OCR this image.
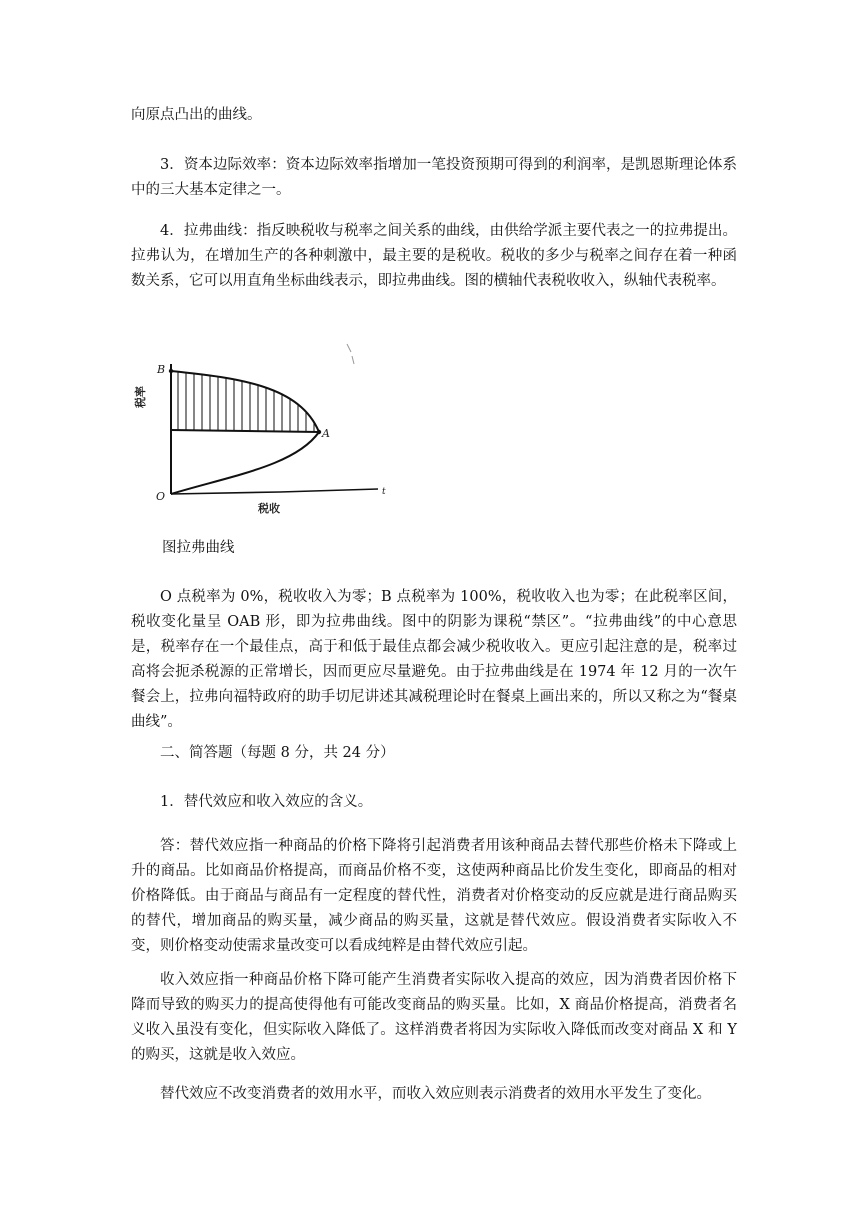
向原点凸出的曲线。

3．资本边际效率：资本边际效率指增加一笔投资预期可得到的利润率，是凯恩斯理论体系中的三大基本定律之一。

4．拉弗曲线：指反映税收与税率之间关系的曲线，由供给学派主要代表之一的拉弗提出。拉弗认为，在增加生产的各种刺激中，最主要的是税收。税收的多少与税率之间存在着一种函数关系，它可以用直角坐标曲线表示，即拉弗曲线。图的横轴代表税收收入，纵轴代表税率。

B
A
O
税率
税收
t
图拉弗曲线

O 点税率为 0%，税收收入为零；B 点税率为 100%，税收收入也为零；在此税率区间，税收变化量呈 OAB 形，即为拉弗曲线。图中的阴影为课税“禁区”。“拉弗曲线”的中心意思是，税率存在一个最佳点，高于和低于最佳点都会减少税收收入。更应引起注意的是，税率过高将会扼杀税源的正常增长，因而更应尽量避免。由于拉弗曲线是在 1974 年 12 月的一次午餐会上，拉弗向福特政府的助手切尼讲述其减税理论时在餐桌上画出来的，所以又称之为“餐桌曲线”。

二、简答题（每题 8 分，共 24 分）

1．替代效应和收入效应的含义。

答：替代效应指一种商品的价格下降将引起消费者用该种商品去替代那些价格未下降或上升的商品。比如商品价格提高，而商品价格不变，这使两种商品比价发生变化，即商品的相对价格降低。由于商品与商品有一定程度的替代性，消费者对价格变动的反应就是进行商品购买的替代，增加商品的购买量，减少商品的购买量，这就是替代效应。假设消费者实际收入不变，则价格变动使需求量改变可以看成纯粹是由替代效应引起。

收入效应指一种商品价格下降可能产生消费者实际收入提高的效应，因为消费者因价格下降而导致的购买力的提高使得他有可能改变商品的购买量。比如，X 商品价格提高，消费者名义收入虽没有变化，但实际收入降低了。这样消费者将因为实际收入降低而改变对商品 X 和 Y 的购买，这就是收入效应。

替代效应不改变消费者的效用水平，而收入效应则表示消费者的效用水平发生了变化。
